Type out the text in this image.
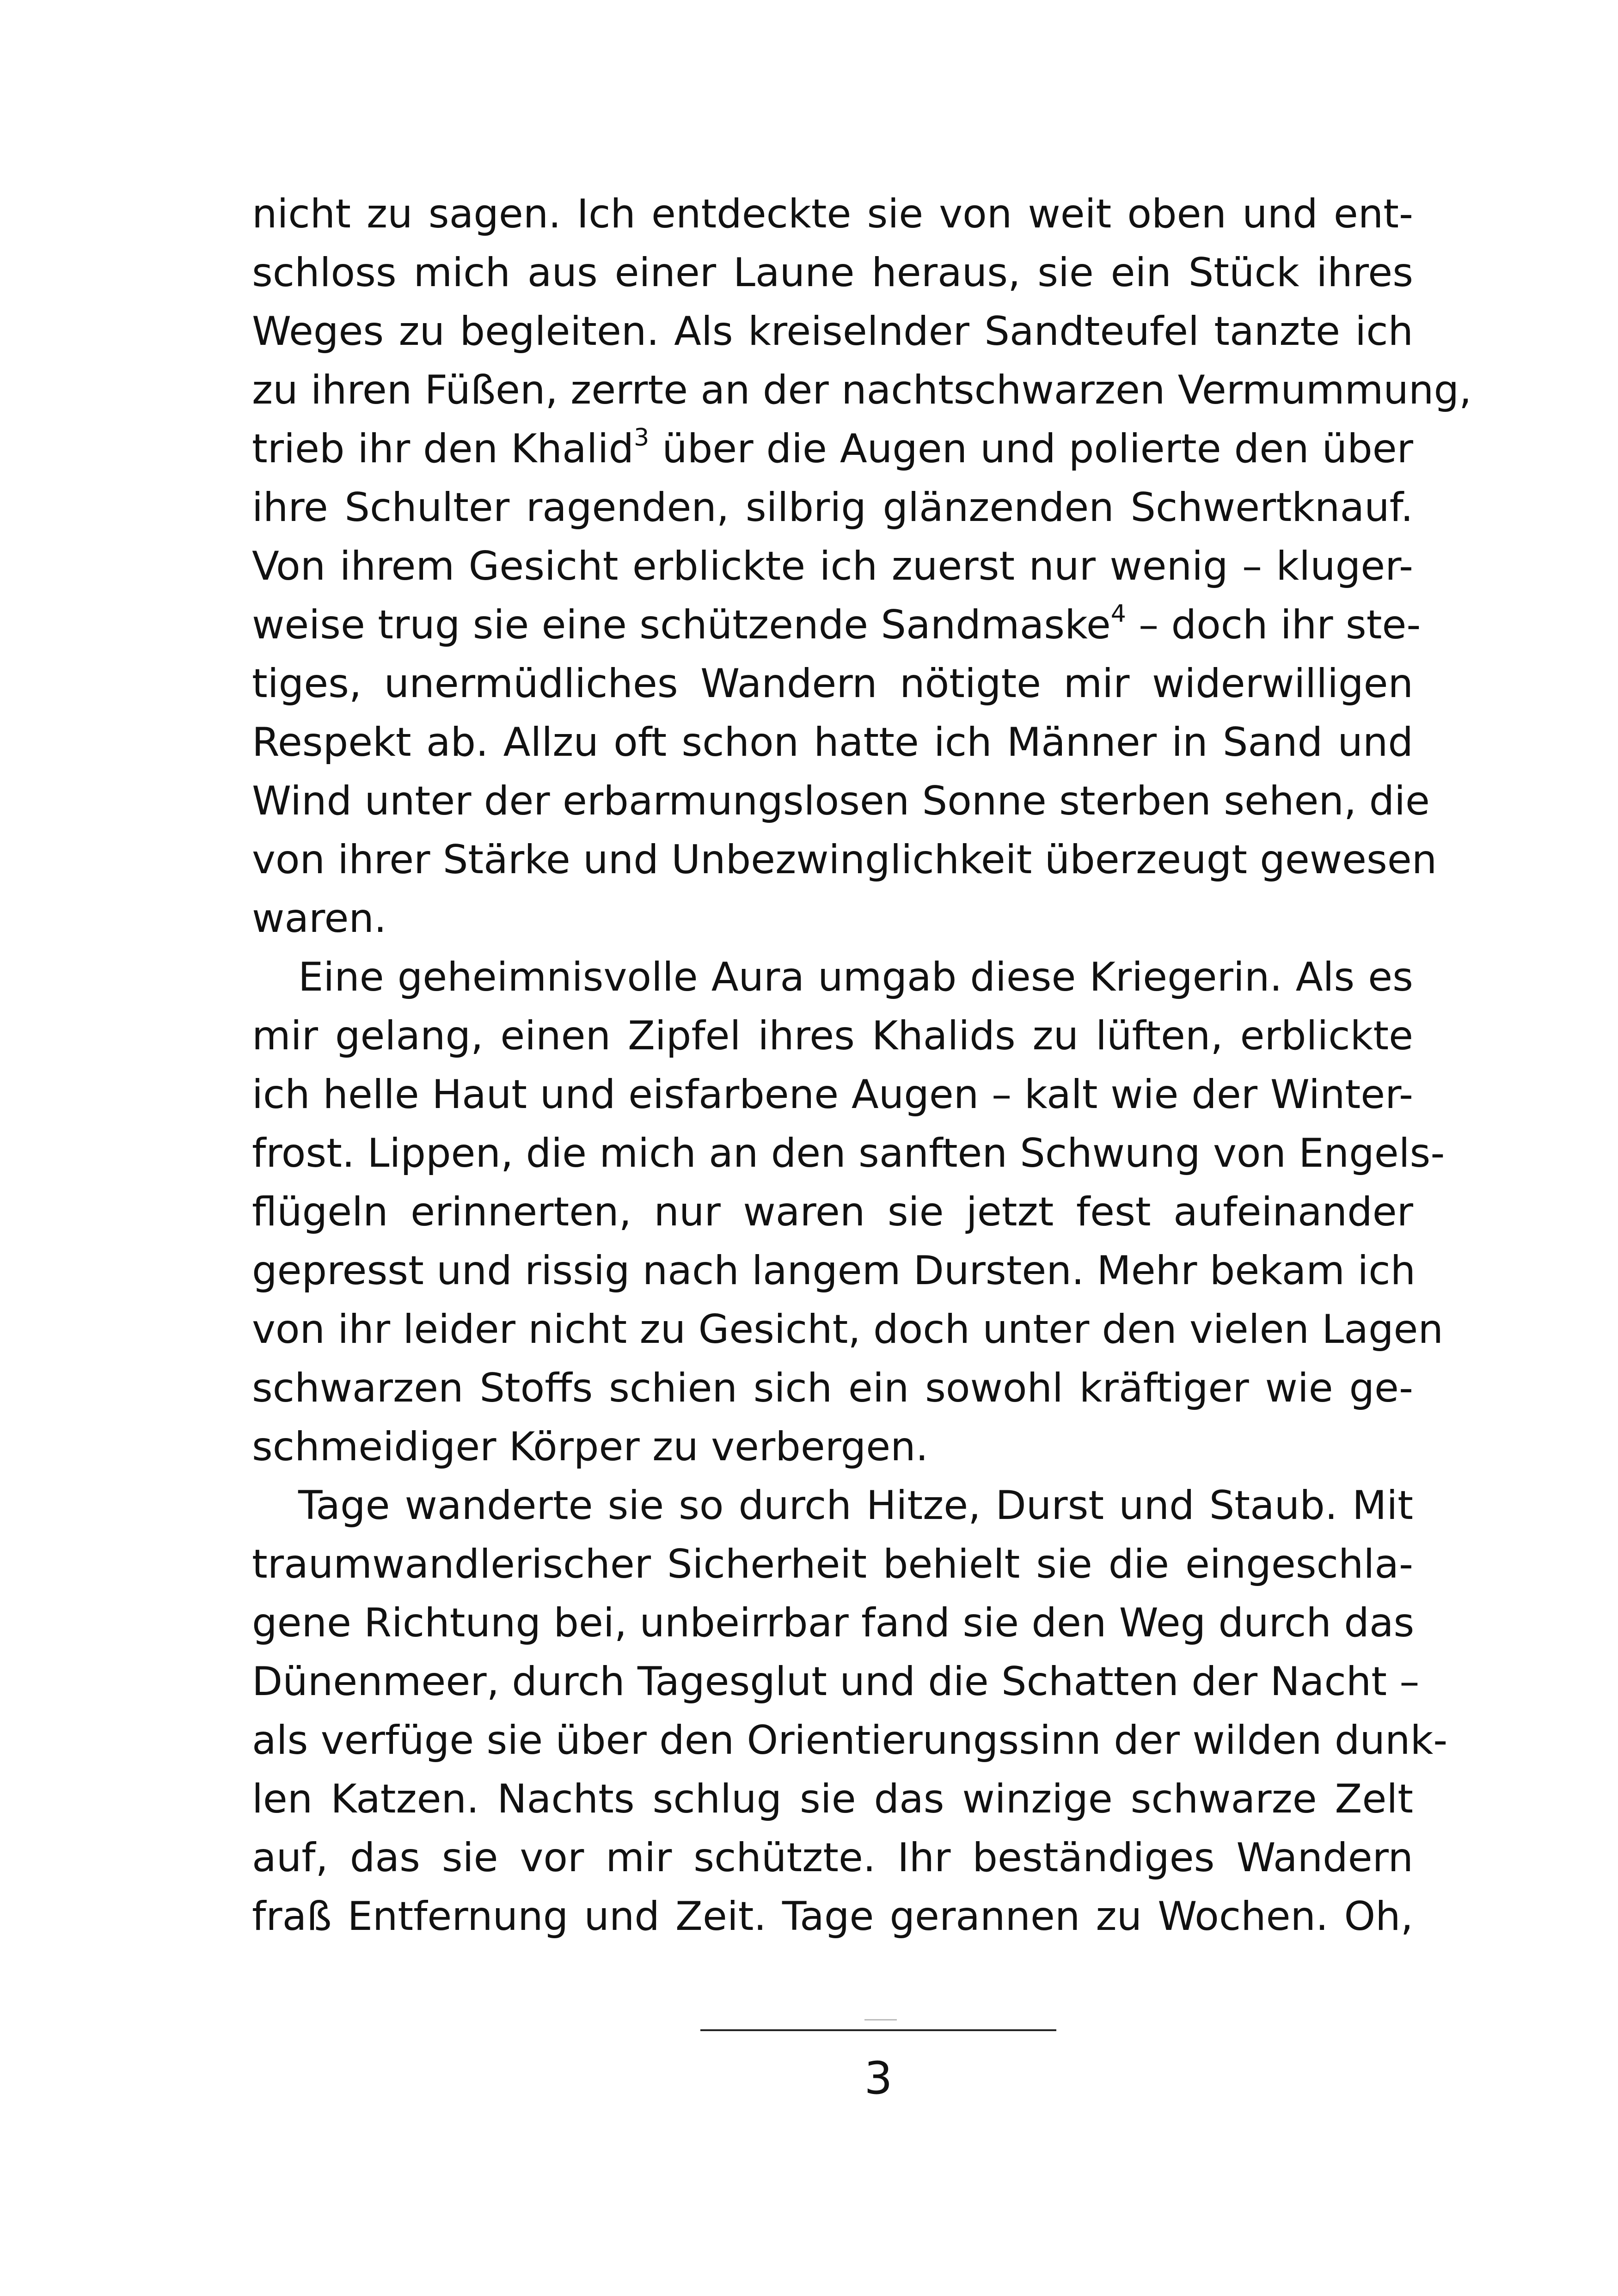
nicht zu sagen. Ich entdeckte sie von weit oben und ent-
schloss mich aus einer Laune heraus, sie ein Stück ihres
Weges zu begleiten. Als kreiselnder Sandteufel tanzte ich
zu ihren Füßen, zerrte an der nachtschwarzen Vermummung,
trieb ihr den Khalid$^3$ über die Augen und polierte den über
ihre Schulter ragenden, silbrig glänzenden Schwertknauf.
Von ihrem Gesicht erblickte ich zuerst nur wenig – kluger-
weise trug sie eine schützende Sandmaske$^4$ – doch ihr ste-
tiges, unermüdliches Wandern nötigte mir widerwilligen
Respekt ab. Allzu oft schon hatte ich Männer in Sand und
Wind unter der erbarmungslosen Sonne sterben sehen, die
von ihrer Stärke und Unbezwinglichkeit überzeugt gewesen
waren.
Eine geheimnisvolle Aura umgab diese Kriegerin. Als es
mir gelang, einen Zipfel ihres Khalids zu lüften, erblickte
ich helle Haut und eisfarbene Augen – kalt wie der Winter-
frost. Lippen, die mich an den sanften Schwung von Engels-
flügeln erinnerten, nur waren sie jetzt fest aufeinander
gepresst und rissig nach langem Dursten. Mehr bekam ich
von ihr leider nicht zu Gesicht, doch unter den vielen Lagen
schwarzen Stoffs schien sich ein sowohl kräftiger wie ge-
schmeidiger Körper zu verbergen.
Tage wanderte sie so durch Hitze, Durst und Staub. Mit
traumwandlerischer Sicherheit behielt sie die eingeschla-
gene Richtung bei, unbeirrbar fand sie den Weg durch das
Dünenmeer, durch Tagesglut und die Schatten der Nacht –
als verfüge sie über den Orientierungssinn der wilden dunk-
len Katzen. Nachts schlug sie das winzige schwarze Zelt
auf, das sie vor mir schützte. Ihr beständiges Wandern
fraß Entfernung und Zeit. Tage gerannen zu Wochen. Oh,
3
